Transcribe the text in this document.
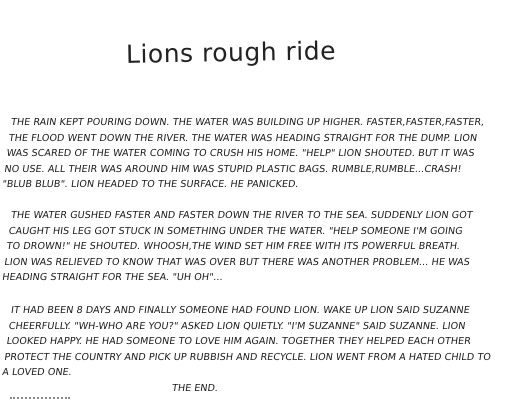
Lions rough ride

THE RAIN KEPT POURING DOWN. THE WATER WAS BUILDING UP HIGHER. FASTER,FASTER,FASTER,
THE FLOOD WENT DOWN THE RIVER. THE WATER WAS HEADING STRAIGHT FOR THE DUMP. LION
WAS SCARED OF THE WATER COMING TO CRUSH HIS HOME. "HELP" LION SHOUTED. BUT IT WAS
NO USE. ALL THEIR WAS AROUND HIM WAS STUPID PLASTIC BAGS. RUMBLE,RUMBLE...CRASH!
"BLUB BLUB". LION HEADED TO THE SURFACE. HE PANICKED.

THE WATER GUSHED FASTER AND FASTER DOWN THE RIVER TO THE SEA. SUDDENLY LION GOT
CAUGHT HIS LEG GOT STUCK IN SOMETHING UNDER THE WATER. "HELP SOMEONE I'M GOING
TO DROWN!" HE SHOUTED. WHOOSH,THE WIND SET HIM FREE WITH ITS POWERFUL BREATH.
LION WAS RELIEVED TO KNOW THAT WAS OVER BUT THERE WAS ANOTHER PROBLEM... HE WAS
HEADING STRAIGHT FOR THE SEA. "UH OH"...

IT HAD BEEN 8 DAYS AND FINALLY SOMEONE HAD FOUND LION. WAKE UP LION SAID SUZANNE
CHEERFULLY. "WH-WHO ARE YOU?" ASKED LION QUIETLY. "I'M SUZANNE" SAID SUZANNE. LION
LOOKED HAPPY. HE HAD SOMEONE TO LOVE HIM AGAIN. TOGETHER THEY HELPED EACH OTHER
PROTECT THE COUNTRY AND PICK UP RUBBISH AND RECYCLE. LION WENT FROM A HATED CHILD TO
A LOVED ONE.

THE END.
